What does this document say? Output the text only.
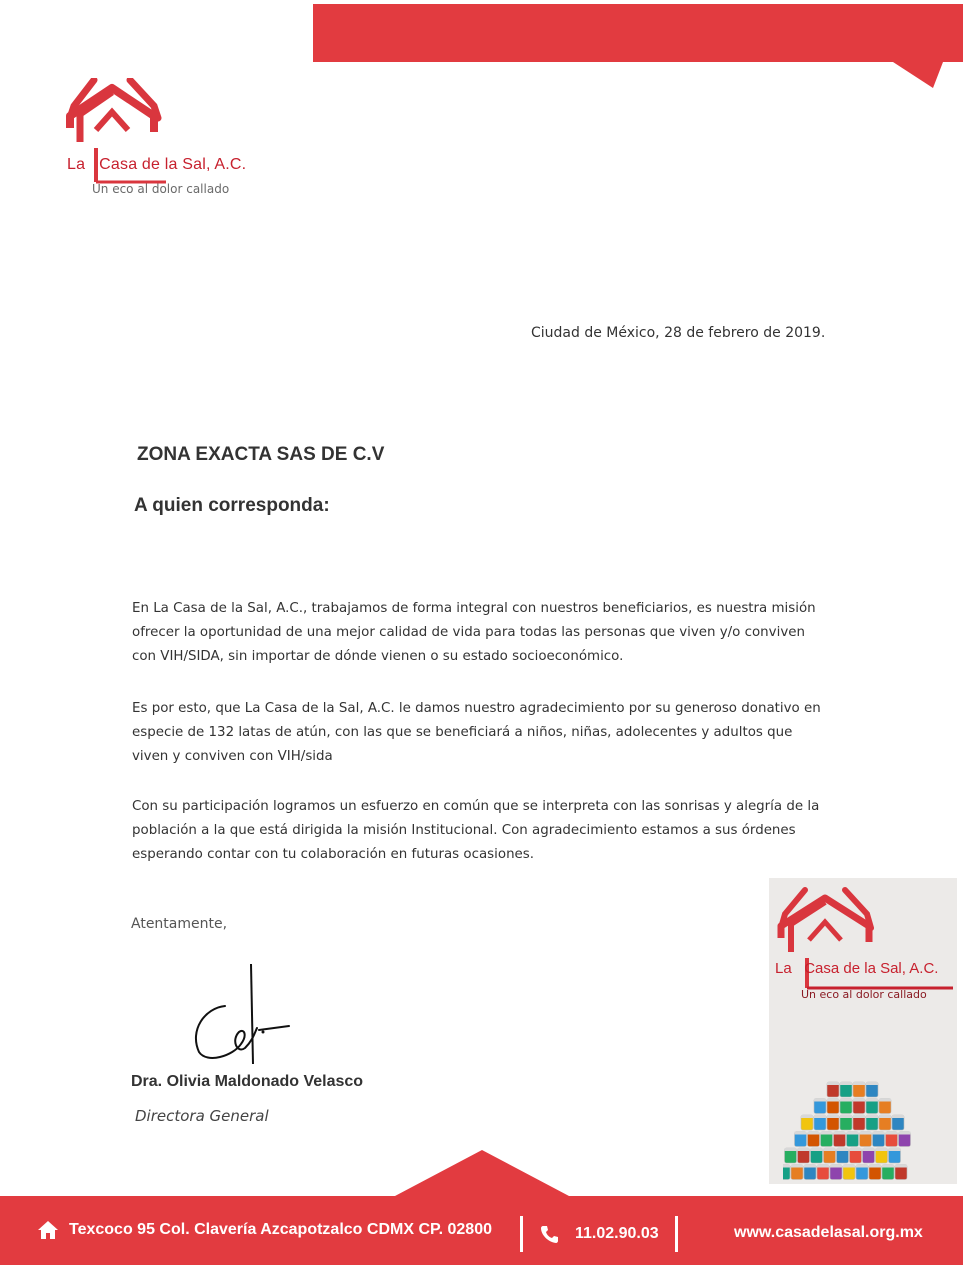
La Casa de la Sal, A.C.
Un eco al dolor callado
Ciudad de México, 28 de febrero de 2019.
ZONA EXACTA SAS DE C.V
A quien corresponda:

En La Casa de la Sal, A.C., trabajamos de forma integral con nuestros beneficiarios, es nuestra misión ofrecer la oportunidad de una mejor calidad de vida para todas las personas que viven y/o conviven con VIH/SIDA, sin importar de dónde vienen o su estado socioeconómico.

Es por esto, que La Casa de la Sal, A.C. le damos nuestro agradecimiento por su generoso donativo en especie de 132 latas de atún, con las que se beneficiará a niños, niñas, adolecentes y adultos que viven y conviven con VIH/sida

Con su participación logramos un esfuerzo en común que se interpreta con las sonrisas y alegría de la población a la que está dirigida la misión Institucional. Con agradecimiento estamos a sus órdenes esperando contar con tu colaboración en futuras ocasiones.

Atentamente,
Dra. Olivia Maldonado Velasco
Directora General
La Casa de la Sal, A.C.
Un eco al dolor callado
Texcoco 95 Col. Clavería Azcapotzalco CDMX CP. 02800	11.02.90.03	www.casadelasal.org.mx
